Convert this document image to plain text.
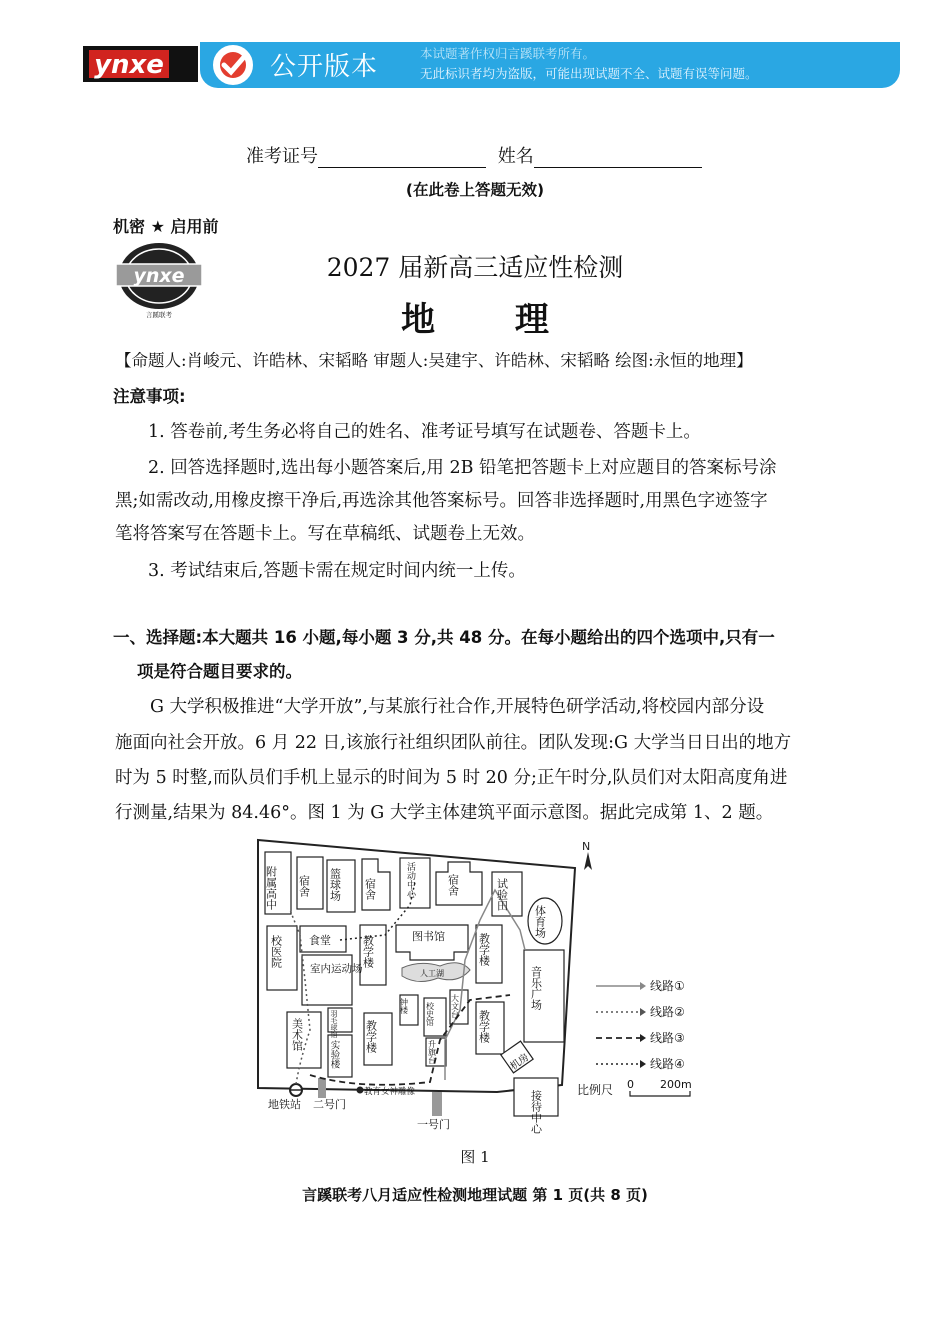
ynxe	公开版本	本试题著作权归言蹊联考所有。
无此标识者均为盗版，可能出现试题不全、试题有误等问题。
准考证号	姓名
(在此卷上答题无效)
机密 ★ 启用前
ynxe
言蹊联考
2027 届新高三适应性检测
地 理
【命题人:肖峻元、许皓林、宋韬略 审题人:吴建宇、许皓林、宋韬略 绘图:永恒的地理】
注意事项:
1. 答卷前,考生务必将自己的姓名、准考证号填写在试题卷、答题卡上。
2. 回答选择题时,选出每小题答案后,用 2B 铅笔把答题卡上对应题目的答案标号涂
黑;如需改动,用橡皮擦干净后,再选涂其他答案标号。回答非选择题时,用黑色字迹签字
笔将答案写在答题卡上。写在草稿纸、试题卷上无效。
3. 考试结束后,答题卡需在规定时间内统一上传。
一、选择题:本大题共 16 小题,每小题 3 分,共 48 分。在每小题给出的四个选项中,只有一
项是符合题目要求的。
G 大学积极推进“大学开放”,与某旅行社合作,开展特色研学活动,将校园内部分设
施面向社会开放。6 月 22 日,该旅行社组织团队前往。团队发现:G 大学当日日出的地方
时为 5 时整,而队员们手机上显示的时间为 5 时 20 分;正午时分,队员们对太阳高度角进
行测量,结果为 84.46°。图 1 为 G 大学主体建筑平面示意图。据此完成第 1、2 题。
N
附属高中 宿舍 篮球场 宿舍	活动中心	宿舍	试验田
体育场
食堂
校医院	教学楼	图书馆	教学楼
室内运动场	人工湖	音乐广场
钟楼 校史馆 大文台
羽毛球馆
美术馆	教学楼	教学楼
实验楼	升旗台	机房
接待中心
教育女神雕像
地铁站 二号门
一号门
线路①
线路②
线路③
线路④
比例尺 0 200m
图 1
言蹊联考八月适应性检测地理试题 第 1 页(共 8 页)
